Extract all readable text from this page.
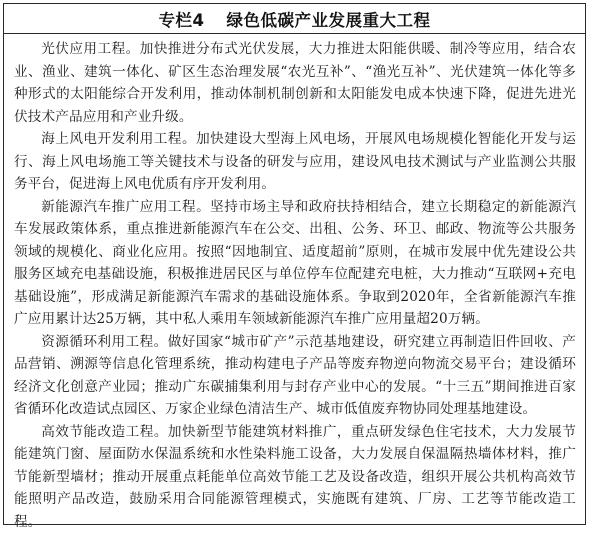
专栏4 绿色低碳产业发展重大工程

光伏应用工程。加快推进分布式光伏发展，大力推进太阳能供暖、制冷等应用，结合农业、渔业、建筑一体化、矿区生态治理发展“农光互补”、“渔光互补”、光伏建筑一体化等多种形式的太阳能综合开发利用，推动体制机制创新和太阳能发电成本快速下降，促进先进光伏技术产品应用和产业升级。

海上风电开发利用工程。加快建设大型海上风电场，开展风电场规模化智能化开发与运行、海上风电场施工等关键技术与设备的研发与应用，建设风电技术测试与产业监测公共服务平台，促进海上风电优质有序开发利用。

新能源汽车推广应用工程。坚持市场主导和政府扶持相结合，建立长期稳定的新能源汽车发展政策体系，重点推进新能源汽车在公交、出租、公务、环卫、邮政、物流等公共服务领域的规模化、商业化应用。按照“因地制宜、适度超前”原则，在城市发展中优先建设公共服务区域充电基础设施，积极推进居民区与单位停车位配建充电桩，大力推动“互联网+充电基础设施”，形成满足新能源汽车需求的基础设施体系。争取到2020年，全省新能源汽车推广应用累计达25万辆，其中私人乘用车领域新能源汽车推广应用量超20万辆。

资源循环利用工程。做好国家“城市矿产”示范基地建设，研究建立再制造旧件回收、产品营销、溯源等信息化管理系统，推动构建电子产品等废弃物逆向物流交易平台；建设循环经济文化创意产业园；推动广东碳捕集利用与封存产业中心的发展。“十三五”期间推进百家省循环化改造试点园区、万家企业绿色清洁生产、城市低值废弃物协同处理基地建设。

高效节能改造工程。加快新型节能建筑材料推广，重点研发绿色住宅技术，大力发展节能建筑门窗、屋面防水保温系统和水性染料施工设备，大力发展自保温隔热墙体材料，推广节能新型墙材；推动开展重点耗能单位高效节能工艺及设备改造，组织开展公共机构高效节能照明产品改造，鼓励采用合同能源管理模式，实施既有建筑、厂房、工艺等节能改造工程。
